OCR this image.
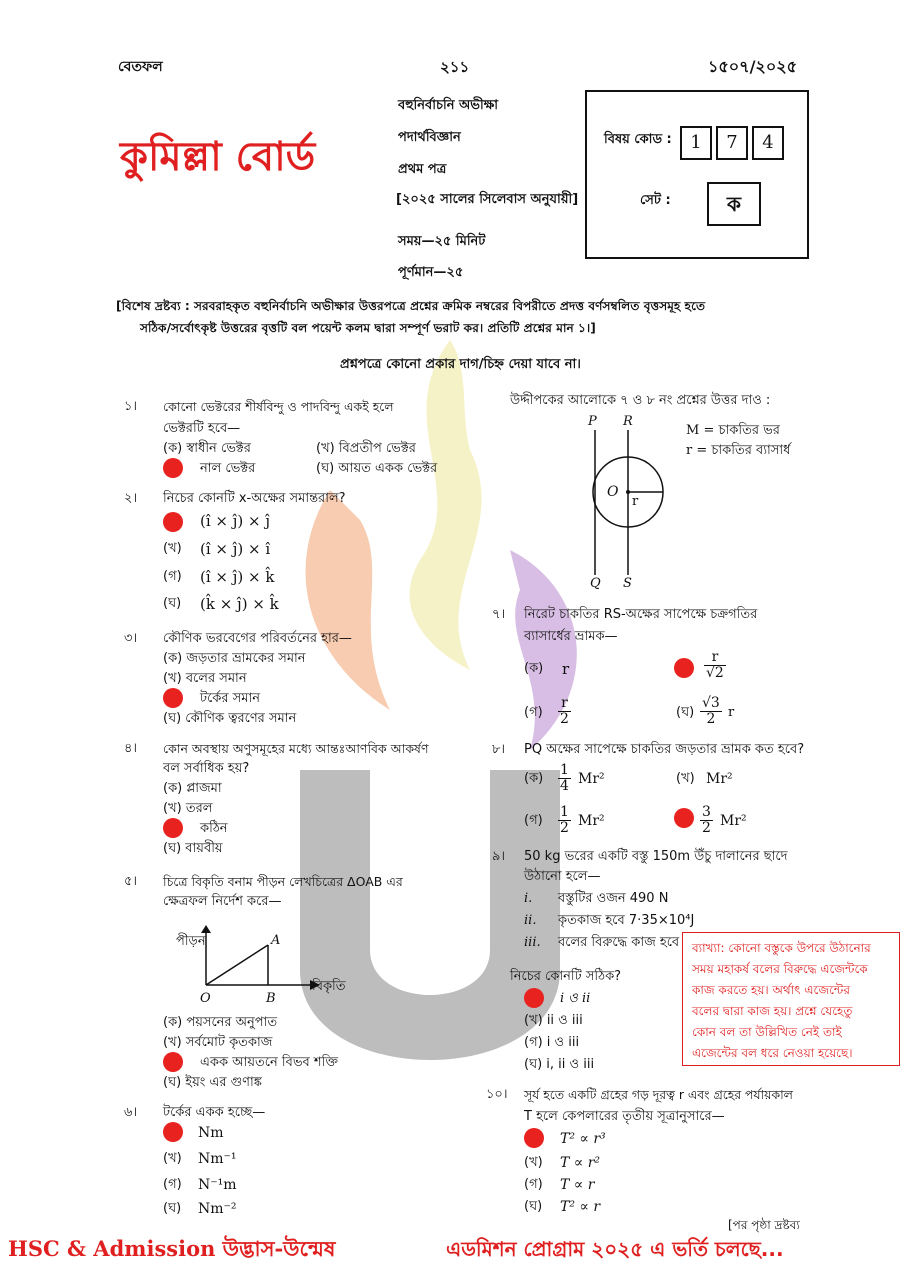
বেতফল	২১১	১৫০৭/২০২৫
কুমিল্লা বোর্ড
বহুনির্বাচনি অভীক্ষা
পদার্থবিজ্ঞান
প্রথম পত্র
[২০২৫ সালের সিলেবাস অনুযায়ী]
সময়—২৫ মিনিট
পূর্ণমান—২৫
বিষয় কোড :	1	7	4
সেট :	ক
[বিশেষ দ্রষ্টব্য : সরবরাহকৃত বহুনির্বাচনি অভীক্ষার উত্তরপত্রে প্রশ্নের ক্রমিক নম্বরের বিপরীতে প্রদত্ত বর্ণসম্বলিত বৃত্তসমূহ হতে
সঠিক/সর্বোৎকৃষ্ট উত্তরের বৃত্তটি বল পয়েন্ট কলম দ্বারা সম্পূর্ণ ভরাট কর। প্রতিটি প্রশ্নের মান ১।]
প্রশ্নপত্রে কোনো প্রকার দাগ/চিহ্ন দেয়া যাবে না।
১। কোনো ভেক্টরের শীর্ষবিন্দু ও পাদবিন্দু একই হলে
ভেক্টরটি হবে—
(ক) স্বাধীন ভেক্টর	(খ) বিপ্রতীপ ভেক্টর
নাল ভেক্টর	(ঘ) আয়ত একক ভেক্টর
২। নিচের কোনটি x-অক্ষের সমান্তরাল?
(î × ĵ) × ĵ
(খ) (î × ĵ) × î
(গ) (î × ĵ) × k̂
(ঘ) (k̂ × ĵ) × k̂
৩। কৌণিক ভরবেগের পরিবর্তনের হার—
(ক) জড়তার ভ্রামকের সমান
(খ) বলের সমান
টর্কের সমান
(ঘ) কৌণিক ত্বরণের সমান
৪। কোন অবস্থায় অণুসমূহের মধ্যে আন্তঃআণবিক আকর্ষণ
বল সর্বাধিক হয়?
(ক) প্লাজমা
(খ) তরল
কঠিন
(ঘ) বায়বীয়
৫। চিত্রে বিকৃতি বনাম পীড়ন লেখচিত্রের ΔOAB এর
ক্ষেত্রফল নির্দেশ করে—
পীড়ন
বিকৃতি
O
A
B
(ক) পয়সনের অনুপাত
(খ) সর্বমোট কৃতকাজ
একক আয়তনে বিভব শক্তি
(ঘ) ইয়ং এর গুণাঙ্ক
৬। টর্কের একক হচ্ছে—
Nm
(খ) Nm⁻¹
(গ) N⁻¹m
(ঘ) Nm⁻²
উদ্দীপকের আলোকে ৭ ও ৮ নং প্রশ্নের উত্তর দাও :
P R
Q S
O
r
M = চাকতির ভর
r = চাকতির ব্যাসার্ধ
৭। নিরেট চাকতির RS-অক্ষের সাপেক্ষে চক্রগতির
ব্যাসার্ধের ভ্রামক—
(ক) r	$\frac{r}{√2}$
(গ) $\frac{r}{2}$	(ঘ) $\frac{√3}{2}$ r
৮। PQ অক্ষের সাপেক্ষে চাকতির জড়তার ভ্রামক কত হবে?
(ক) $\frac{1}{4} Mr^2$	(খ) Mr²
(গ) $\frac{1}{2} Mr^2$	$\frac{3}{2} Mr^2$
৯। 50 kg ভরের একটি বস্তু 150m উঁচু দালানের ছাদে
উঠানো হলে—
i. বস্তুটির ওজন 490 N
ii. কৃতকাজ হবে 7·35×10⁴J
iii. বলের বিরুদ্ধে কাজ হবে
নিচের কোনটি সঠিক?
i ও ii
(খ) ii ও iii
(গ) i ও iii
(ঘ) i, ii ও iii
ব্যাখ্যা: কোনো বস্তুকে উপরে উঠানোর
সময় মহাকর্ষ বলের বিরুদ্ধে এজেন্টকে
কাজ করতে হয়। অর্থাৎ এজেন্টের
বলের দ্বারা কাজ হয়। প্রশ্নে যেহেতু
কোন বল তা উল্লিখিত নেই তাই
এজেন্টের বল ধরে নেওয়া হয়েছে।
১০। সূর্য হতে একটি গ্রহের গড় দূরত্ব r এবং গ্রহের পর্যায়কাল
T হলে কেপলারের তৃতীয় সূত্রানুসারে—
T² ∝ r³
(খ) T ∝ r²
(গ) T ∝ r
(ঘ) T² ∝ r
[পর পৃষ্ঠা দ্রষ্টব্য
HSC & Admission উদ্ভাস-উন্মেষ	এডমিশন প্রোগ্রাম ২০২৫ এ ভর্তি চলছে...
